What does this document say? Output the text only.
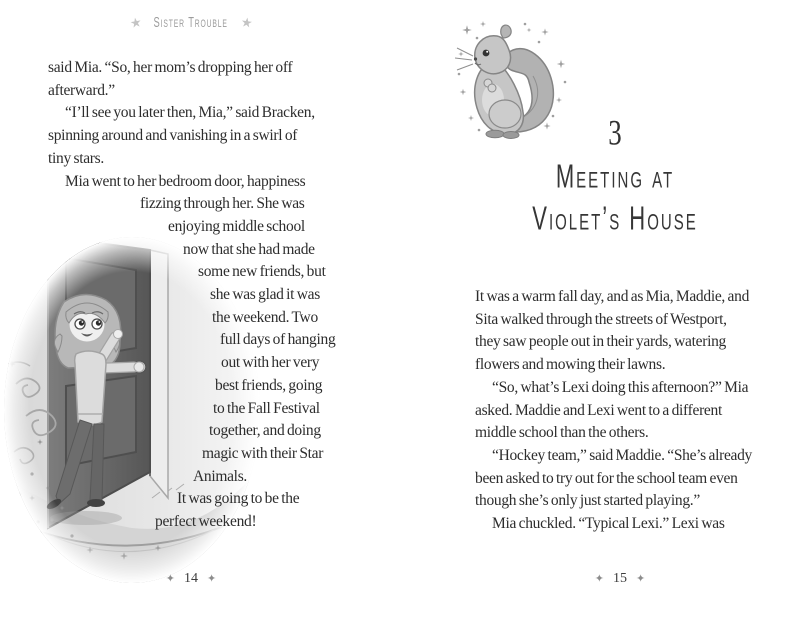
★ Sister Trouble ★
said Mia. “So, her mom’s dropping her off
afterward.”
“I’ll see you later then, Mia,” said Bracken,
spinning around and vanishing in a swirl of
tiny stars.
Mia went to her bedroom door, happiness
fizzing through her. She was
enjoying middle school
now that she had made
some new friends, but
she was glad it was
the weekend. Two
full days of hanging
out with her very
best friends, going
to the Fall Festival
together, and doing
magic with their Star
Animals.
It was going to be the
perfect weekend!
✦ 14 ✦
3
Meeting at
Violet’s House
It was a warm fall day, and as Mia, Maddie, and
Sita walked through the streets of Westport,
they saw people out in their yards, watering
flowers and mowing their lawns.
“So, what’s Lexi doing this afternoon?” Mia
asked. Maddie and Lexi went to a different
middle school than the others.
“Hockey team,” said Maddie. “She’s already
been asked to try out for the school team even
though she’s only just started playing.”
Mia chuckled. “Typical Lexi.” Lexi was
✦ 15 ✦
